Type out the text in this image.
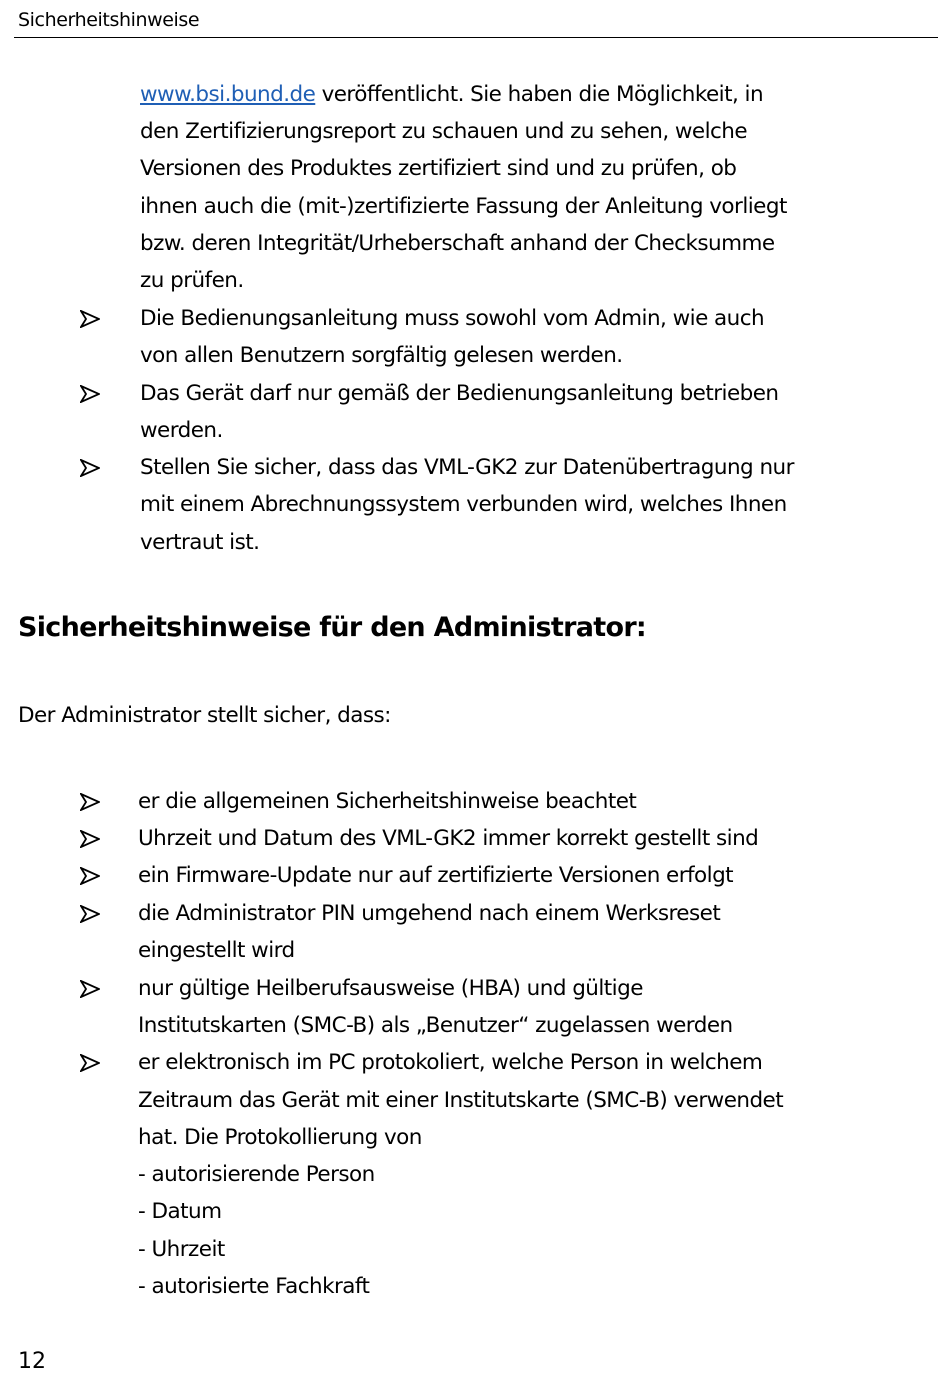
Sicherheitshinweise
www.bsi.bund.de veröffentlicht. Sie haben die Möglichkeit, in
den Zertifizierungsreport zu schauen und zu sehen, welche
Versionen des Produktes zertifiziert sind und zu prüfen, ob
ihnen auch die (mit-)zertifizierte Fassung der Anleitung vorliegt
bzw. deren Integrität/Urheberschaft anhand der Checksumme
zu prüfen.
Die Bedienungsanleitung muss sowohl vom Admin, wie auch
von allen Benutzern sorgfältig gelesen werden.
Das Gerät darf nur gemäß der Bedienungsanleitung betrieben
werden.
Stellen Sie sicher, dass das VML-GK2 zur Datenübertragung nur
mit einem Abrechnungssystem verbunden wird, welches Ihnen
vertraut ist.
Sicherheitshinweise für den Administrator:
Der Administrator stellt sicher, dass:
er die allgemeinen Sicherheitshinweise beachtet
Uhrzeit und Datum des VML-GK2 immer korrekt gestellt sind
ein Firmware-Update nur auf zertifizierte Versionen erfolgt
die Administrator PIN umgehend nach einem Werksreset
eingestellt wird
nur gültige Heilberufsausweise (HBA) und gültige
Institutskarten (SMC-B) als „Benutzer“ zugelassen werden
er elektronisch im PC protokoliert, welche Person in welchem
Zeitraum das Gerät mit einer Institutskarte (SMC-B) verwendet
hat. Die Protokollierung von
- autorisierende Person
- Datum
- Uhrzeit
- autorisierte Fachkraft
12
